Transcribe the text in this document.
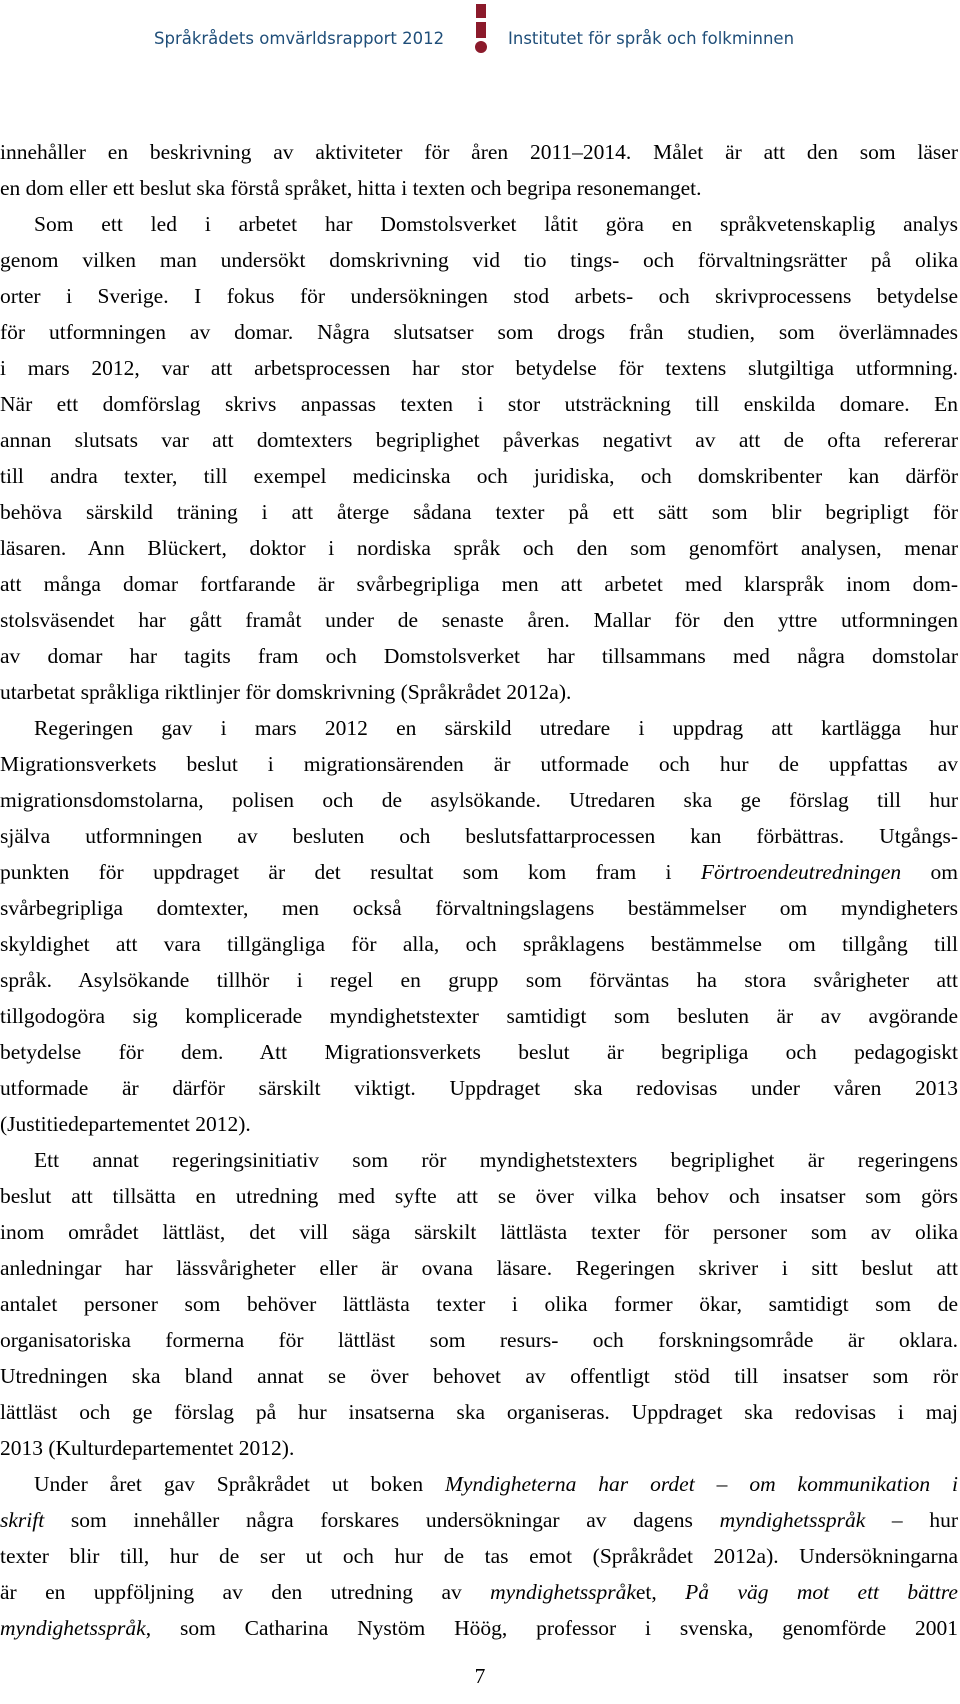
Språkrådets omvärldsrapport 2012	Institutet för språk och folkminnen
innehåller en beskrivning av aktiviteter för åren 2011–2014. Målet är att den som läser
en dom eller ett beslut ska förstå språket, hitta i texten och begripa resonemanget.
Som ett led i arbetet har Domstolsverket låtit göra en språkvetenskaplig analys
genom vilken man undersökt domskrivning vid tio tings- och förvaltningsrätter på olika
orter i Sverige. I fokus för undersökningen stod arbets- och skrivprocessens betydelse
för utformningen av domar. Några slutsatser som drogs från studien, som överlämnades
i mars 2012, var att arbetsprocessen har stor betydelse för textens slutgiltiga utformning.
När ett domförslag skrivs anpassas texten i stor utsträckning till enskilda domare. En
annan slutsats var att domtexters begriplighet påverkas negativt av att de ofta refererar
till andra texter, till exempel medicinska och juridiska, och domskribenter kan därför
behöva särskild träning i att återge sådana texter på ett sätt som blir begripligt för
läsaren. Ann Blückert, doktor i nordiska språk och den som genomfört analysen, menar
att många domar fortfarande är svårbegripliga men att arbetet med klarspråk inom dom-
stolsväsendet har gått framåt under de senaste åren. Mallar för den yttre utformningen
av domar har tagits fram och Domstolsverket har tillsammans med några domstolar
utarbetat språkliga riktlinjer för domskrivning (Språkrådet 2012a).
Regeringen gav i mars 2012 en särskild utredare i uppdrag att kartlägga hur
Migrationsverkets beslut i migrationsärenden är utformade och hur de uppfattas av
migrationsdomstolarna, polisen och de asylsökande. Utredaren ska ge förslag till hur
själva utformningen av besluten och beslutsfattarprocessen kan förbättras. Utgångs-
punkten för uppdraget är det resultat som kom fram i Förtroendeutredningen om
svårbegripliga domtexter, men också förvaltningslagens bestämmelser om myndigheters
skyldighet att vara tillgängliga för alla, och språklagens bestämmelse om tillgång till
språk. Asylsökande tillhör i regel en grupp som förväntas ha stora svårigheter att
tillgodogöra sig komplicerade myndighetstexter samtidigt som besluten är av avgörande
betydelse för dem. Att Migrationsverkets beslut är begripliga och pedagogiskt
utformade är därför särskilt viktigt. Uppdraget ska redovisas under våren 2013
(Justitiedepartementet 2012).
Ett annat regeringsinitiativ som rör myndighetstexters begriplighet är regeringens
beslut att tillsätta en utredning med syfte att se över vilka behov och insatser som görs
inom området lättläst, det vill säga särskilt lättlästa texter för personer som av olika
anledningar har lässvårigheter eller är ovana läsare. Regeringen skriver i sitt beslut att
antalet personer som behöver lättlästa texter i olika former ökar, samtidigt som de
organisatoriska formerna för lättläst som resurs- och forskningsområde är oklara.
Utredningen ska bland annat se över behovet av offentligt stöd till insatser som rör
lättläst och ge förslag på hur insatserna ska organiseras. Uppdraget ska redovisas i maj
2013 (Kulturdepartementet 2012).
Under året gav Språkrådet ut boken Myndigheterna har ordet – om kommunikation i
skrift som innehåller några forskares undersökningar av dagens myndighetsspråk – hur
texter blir till, hur de ser ut och hur de tas emot (Språkrådet 2012a). Undersökningarna
är en uppföljning av den utredning av myndighetsspråket, På väg mot ett bättre
myndighetsspråk, som Catharina Nystöm Höög, professor i svenska, genomförde 2001
7
